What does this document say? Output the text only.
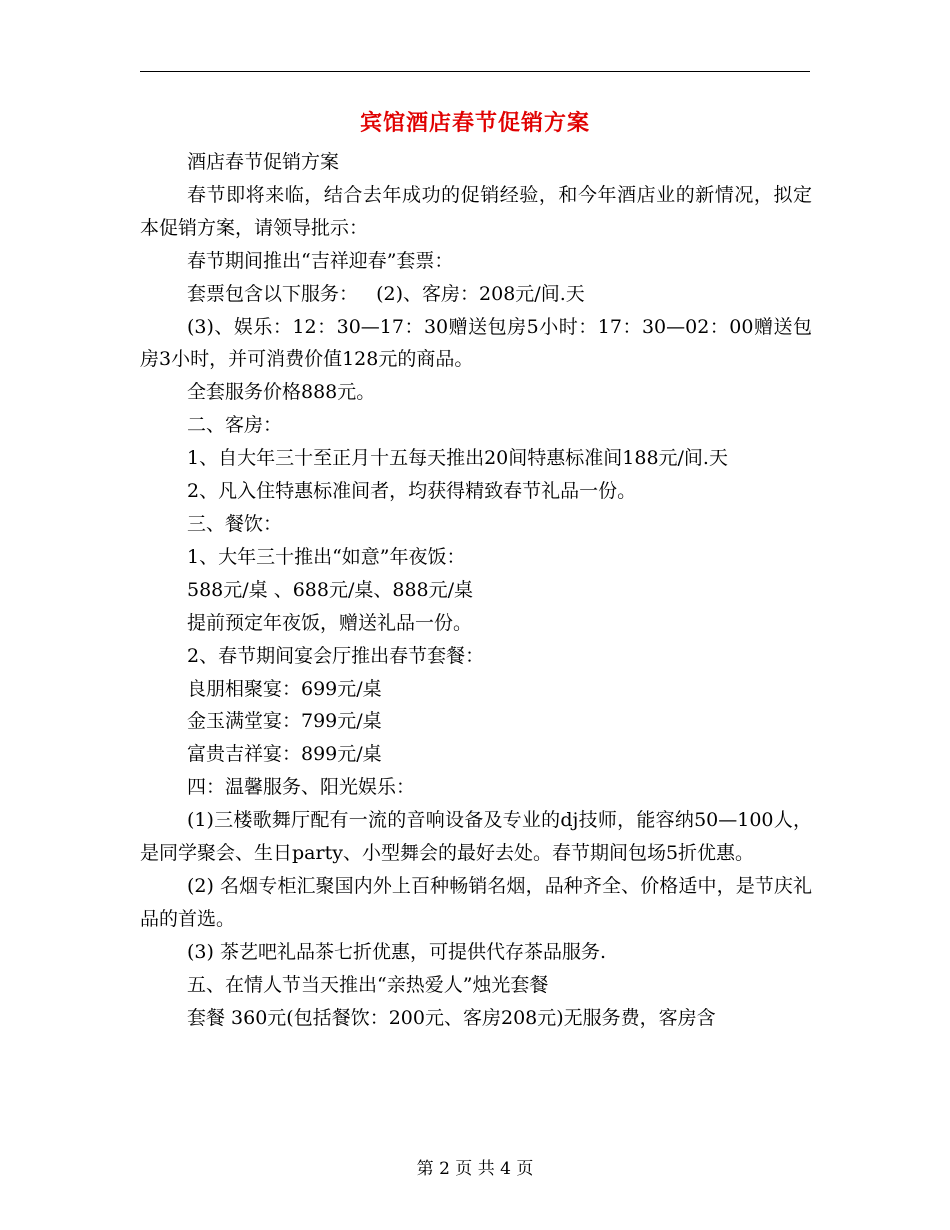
宾馆酒店春节促销方案

酒店春节促销方案

春节即将来临，结合去年成功的促销经验，和今年酒店业的新情况，拟定本促销方案，请领导批示：

春节期间推出“吉祥迎春”套票：

套票包含以下服务：   (2)、客房：208元/间.天

(3)、娱乐：12：30—17：30赠送包房5小时：17：30—02：00赠送包房3小时，并可消费价值128元的商品。

全套服务价格888元。

二、客房：

1、自大年三十至正月十五每天推出20间特惠标准间188元/间.天

2、凡入住特惠标准间者，均获得精致春节礼品一份。

三、餐饮：

1、大年三十推出“如意”年夜饭：

588元/桌 、688元/桌、888元/桌

提前预定年夜饭，赠送礼品一份。

2、春节期间宴会厅推出春节套餐：

良朋相聚宴：699元/桌

金玉满堂宴：799元/桌

富贵吉祥宴：899元/桌

四：温馨服务、阳光娱乐：

(1)三楼歌舞厅配有一流的音响设备及专业的dj技师，能容纳50—100人，是同学聚会、生日party、小型舞会的最好去处。春节期间包场5折优惠。

(2) 名烟专柜汇聚国内外上百种畅销名烟，品种齐全、价格适中，是节庆礼品的首选。

(3) 茶艺吧礼品茶七折优惠，可提供代存茶品服务.

五、在情人节当天推出“亲热爱人”烛光套餐

套餐 360元(包括餐饮：200元、客房208元)无服务费，客房含

第 2 页 共 4 页
